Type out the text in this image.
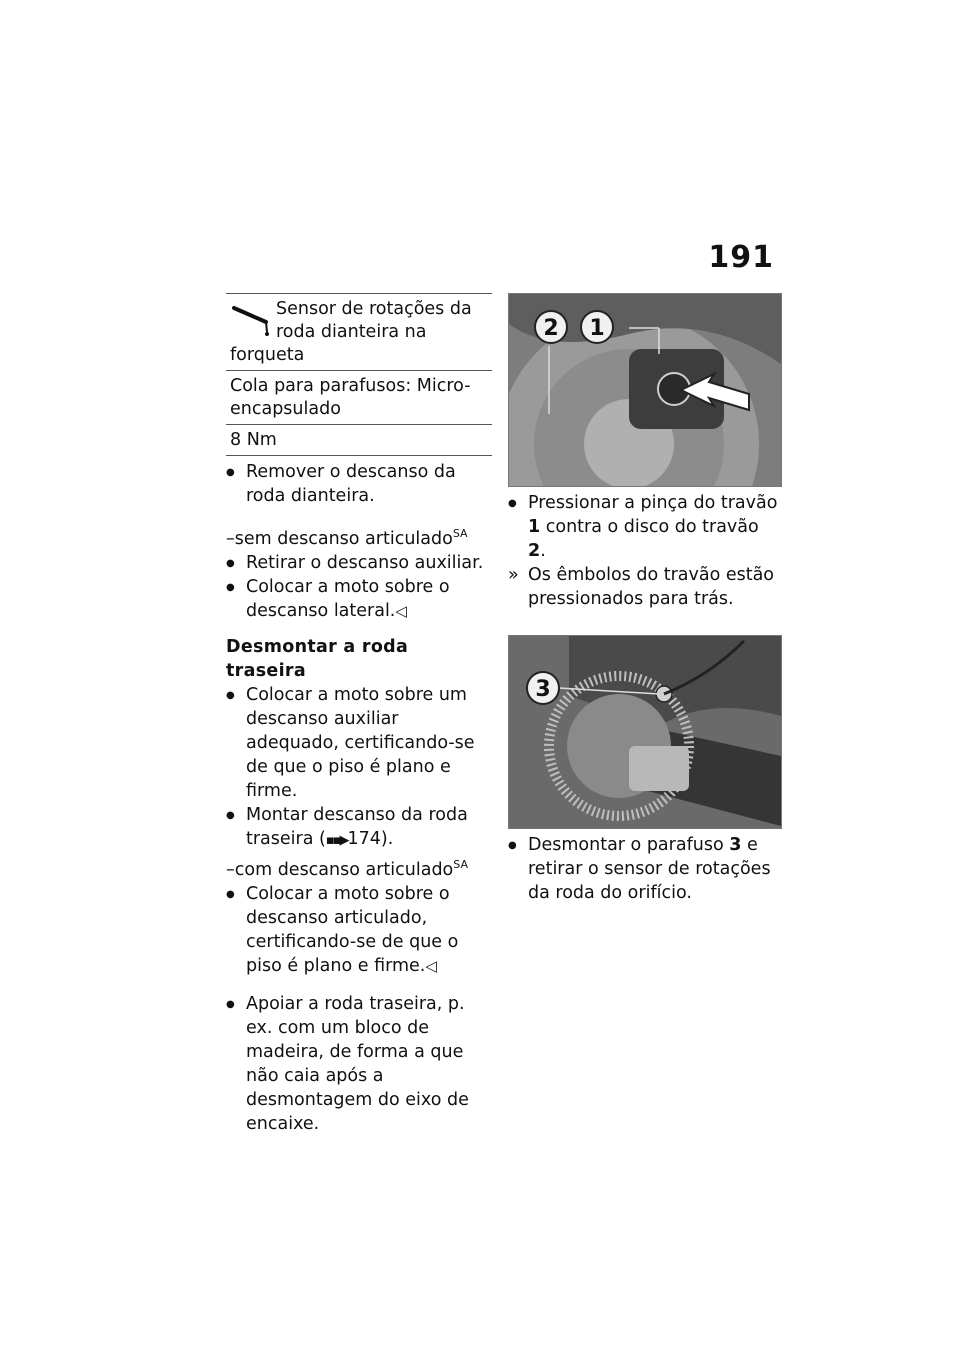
191
Sensor de rotações da roda dianteira na forqueta
Cola para parafusos: Micro-encapsulado
8 Nm
●
Remover o descanso da roda dianteira.
–sem descanso articulado$^{SA}$
●
Retirar o descanso auxiliar.
●
Colocar a moto sobre o descanso lateral.◁
Desmontar a roda traseira
●
Colocar a moto sobre um descanso auxiliar adequado, certificando-se de que o piso é plano e firme.
●
Montar descanso da roda traseira (▪▪▶174).
–com descanso articulado$^{SA}$
●
Colocar a moto sobre o descanso articulado, certificando-se de que o piso é plano e firme.◁
●
Apoiar a roda traseira, p. ex. com um bloco de madeira, de forma a que não caia após a desmontagem do eixo de encaixe.
2 1
●
Pressionar a pinça do travão 1 contra o disco do travão 2.
» Os êmbolos do travão estão pressionados para trás.
3
●
Desmontar o parafuso 3 e retirar o sensor de rotações da roda do orifício.
